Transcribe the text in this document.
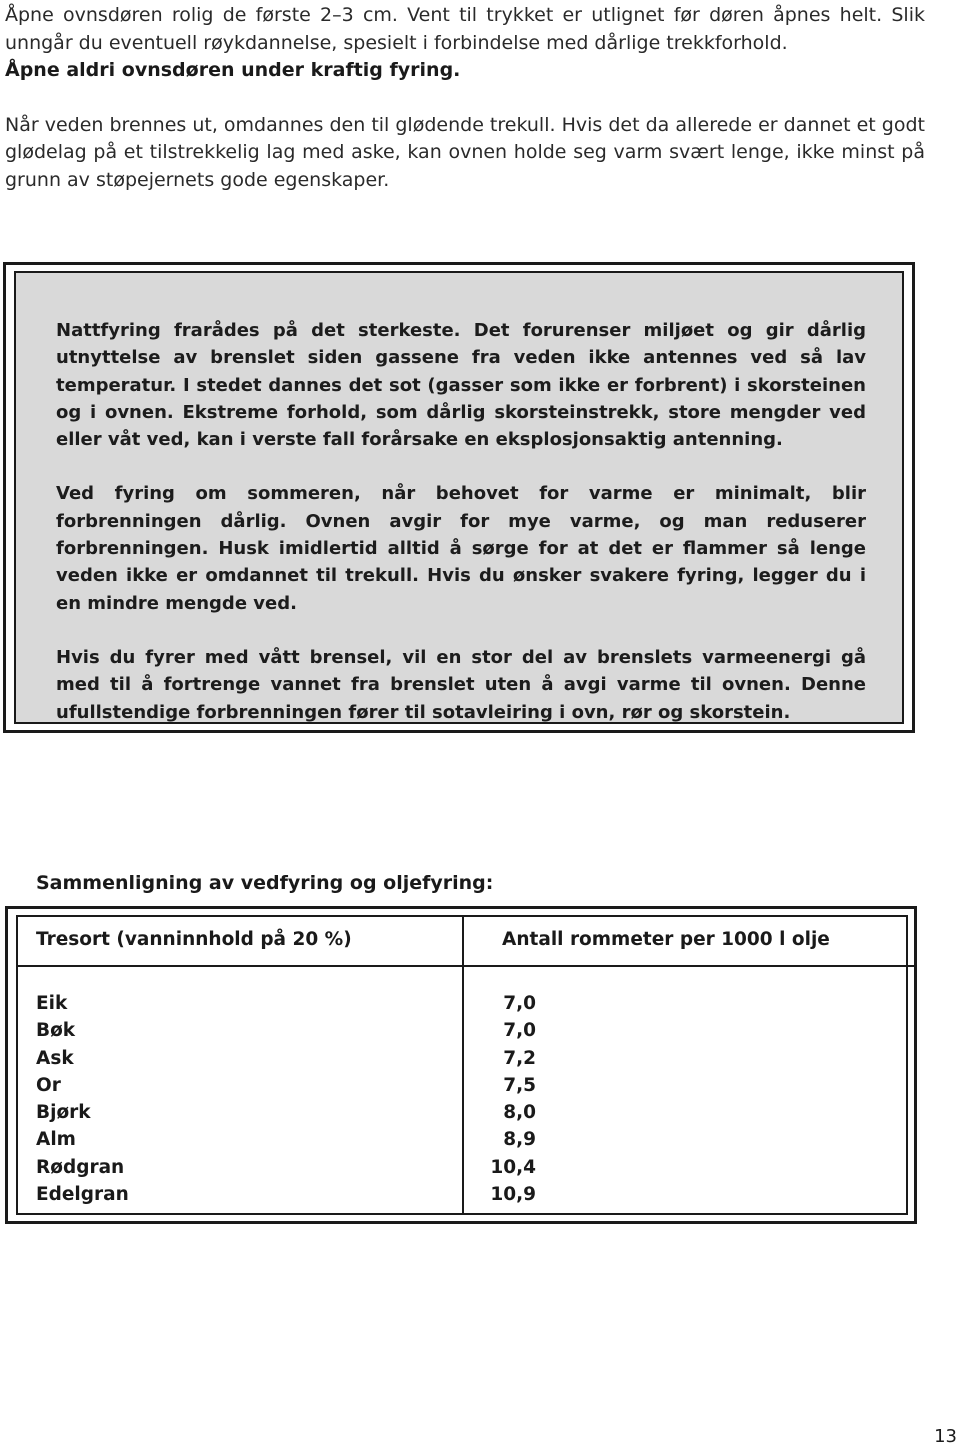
Åpne ovnsdøren rolig de første 2–3 cm. Vent til trykket er utlignet før døren åpnes helt. Slik unngår du eventuell røykdannelse, spesielt i forbindelse med dårlige trekkforhold.
Åpne aldri ovnsdøren under kraftig fyring.

Når veden brennes ut, omdannes den til glødende trekull. Hvis det da allerede er dannet et godt glødelag på et tilstrekkelig lag med aske, kan ovnen holde seg varm svært lenge, ikke minst på grunn av støpejernets gode egenskaper.

Nattfyring frarådes på det sterkeste. Det forurenser miljøet og gir dårlig utnyttelse av brenslet siden gassene fra veden ikke antennes ved så lav temperatur. I stedet dannes det sot (gasser som ikke er forbrent) i skorsteinen og i ovnen. Ekstreme forhold, som dårlig skorsteinstrekk, store mengder ved eller våt ved, kan i verste fall forårsake en eksplosjonsaktig antenning.

Ved fyring om sommeren, når behovet for varme er minimalt, blir forbrenningen dårlig. Ovnen avgir for mye varme, og man reduserer forbrenningen. Husk imidlertid alltid å sørge for at det er flammer så lenge veden ikke er omdannet til trekull. Hvis du ønsker svakere fyring, legger du i en mindre mengde ved.

Hvis du fyrer med vått brensel, vil en stor del av brenslets varmeenergi gå med til å fortrenge vannet fra brenslet uten å avgi varme til ovnen. Denne ufullstendige forbrenningen fører til sotavleiring i ovn, rør og skorstein.

Sammenligning av vedfyring og oljefyring:
Tresort (vanninnhold på 20 %)	Antall rommeter per 1000 l olje
Eik
Bøk
Ask
Or
Bjørk
Alm
Rødgran
Edelgran
7,0
7,0
7,2
7,5
8,0
8,9
10,4
10,9
13
